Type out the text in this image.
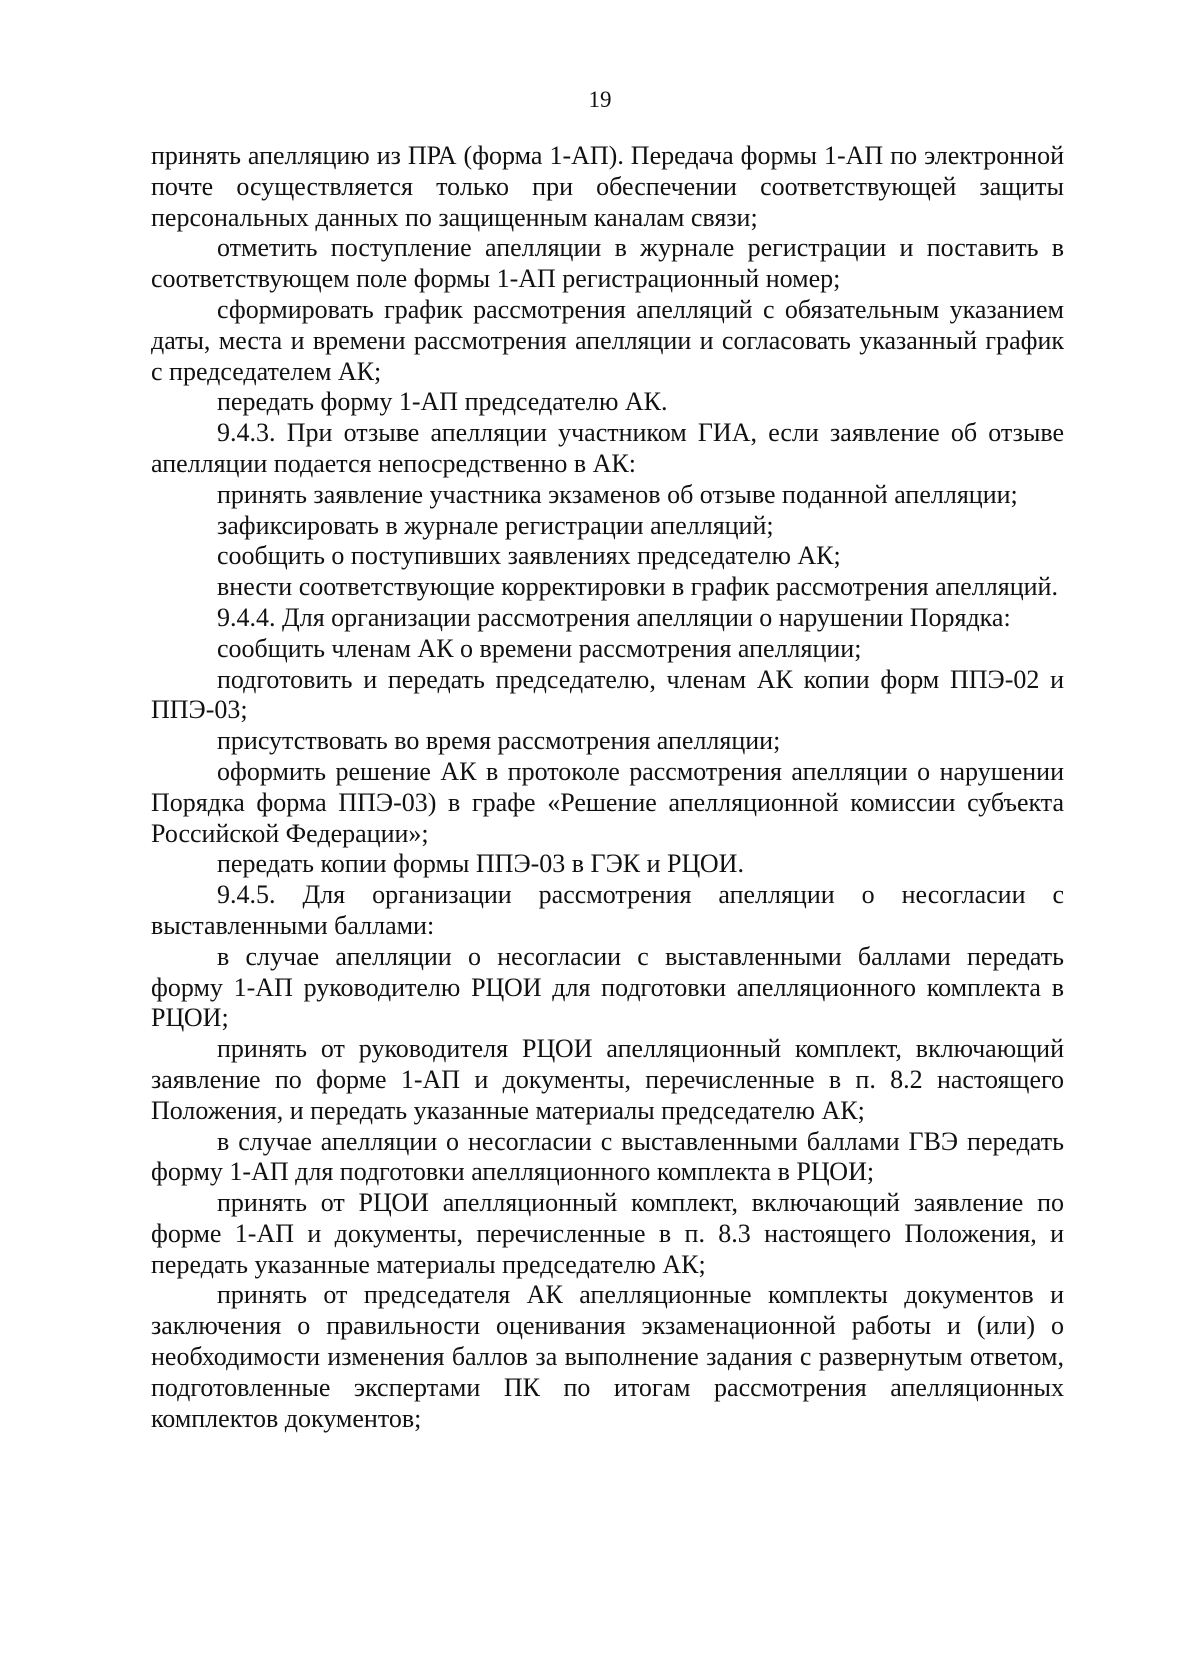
19

принять апелляцию из ПРА (форма 1-АП). Передача формы 1-АП по электронной почте осуществляется только при обеспечении соответствующей защиты персональных данных по защищенным каналам связи;

отметить поступление апелляции в журнале регистрации и поставить в соответствующем поле формы 1-АП регистрационный номер;

сформировать график рассмотрения апелляций с обязательным указанием даты, места и времени рассмотрения апелляции и согласовать указанный график с председателем АК;

передать форму 1-АП председателю АК.

9.4.3. При отзыве апелляции участником ГИА, если заявление об отзыве апелляции подается непосредственно в АК:

принять заявление участника экзаменов об отзыве поданной апелляции;

зафиксировать в журнале регистрации апелляций;

сообщить о поступивших заявлениях председателю АК;

внести соответствующие корректировки в график рассмотрения апелляций.

9.4.4. Для организации рассмотрения апелляции о нарушении Порядка:

сообщить членам АК о времени рассмотрения апелляции;

подготовить и передать председателю, членам АК копии форм ППЭ-02 и ППЭ-03;

присутствовать во время рассмотрения апелляции;

оформить решение АК в протоколе рассмотрения апелляции о нарушении Порядка форма ППЭ-03) в графе «Решение апелляционной комиссии субъекта Российской Федерации»;

передать копии формы ППЭ-03 в ГЭК и РЦОИ.

9.4.5. Для организации рассмотрения апелляции о несогласии с выставленными баллами:

в случае апелляции о несогласии с выставленными баллами передать форму 1-АП руководителю РЦОИ для подготовки апелляционного комплекта в РЦОИ;

принять от руководителя РЦОИ апелляционный комплект, включающий заявление по форме 1-АП и документы, перечисленные в п. 8.2 настоящего Положения, и передать указанные материалы председателю АК;

в случае апелляции о несогласии с выставленными баллами ГВЭ передать форму 1-АП для подготовки апелляционного комплекта в РЦОИ;

принять от РЦОИ апелляционный комплект, включающий заявление по форме 1-АП и документы, перечисленные в п. 8.3 настоящего Положения, и передать указанные материалы председателю АК;

принять от председателя АК апелляционные комплекты документов и заключения о правильности оценивания экзаменационной работы и (или) о необходимости изменения баллов за выполнение задания с развернутым ответом, подготовленные экспертами ПК по итогам рассмотрения апелляционных комплектов документов;
